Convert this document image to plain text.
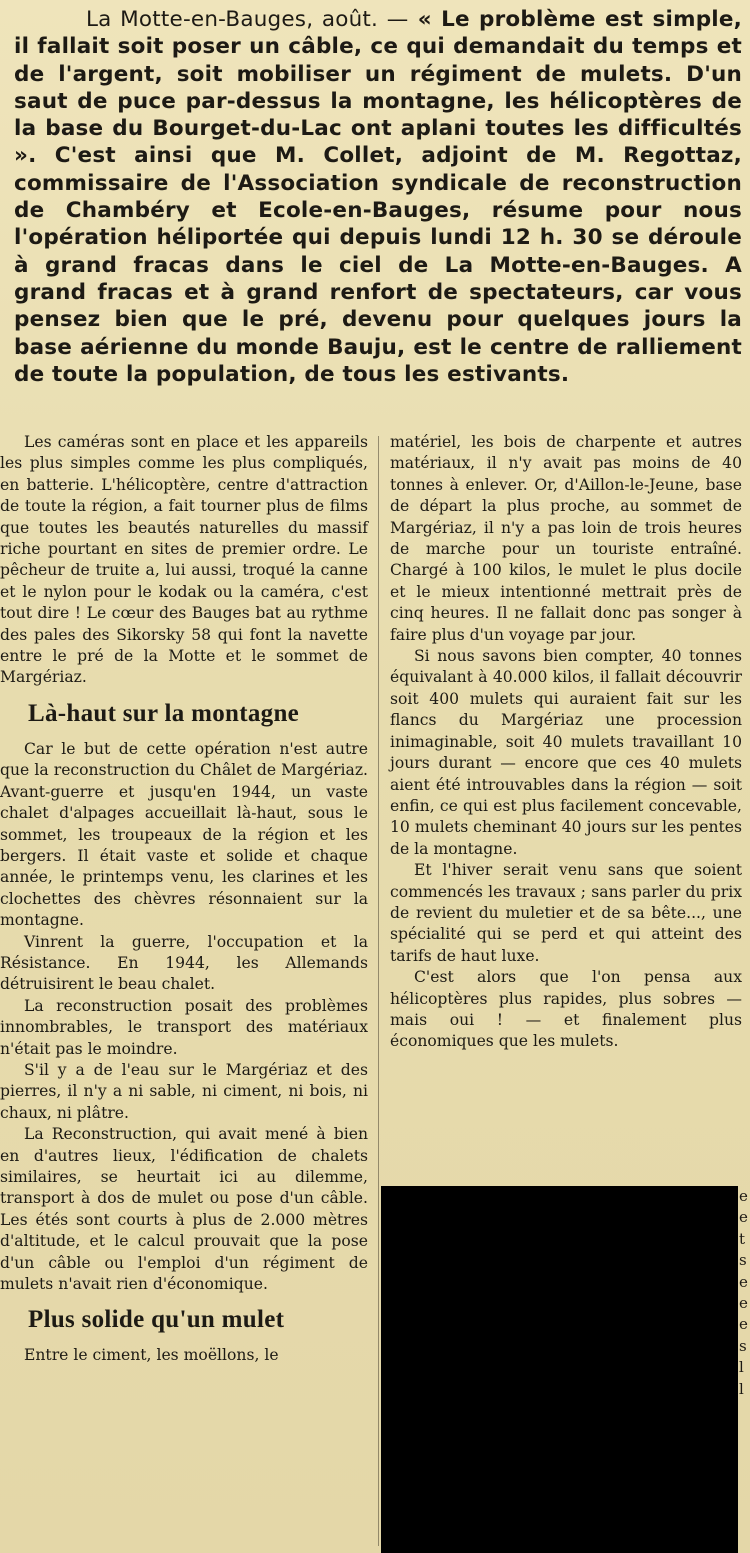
La Motte-en-Bauges, août. — « Le problème est simple, il fallait soit poser un câble, ce qui demandait du temps et de l'argent, soit mobiliser un régiment de mulets. D'un saut de puce par-dessus la montagne, les hélicoptères de la base du Bourget-du-Lac ont aplani toutes les difficultés ». C'est ainsi que M. Collet, adjoint de M. Regottaz, commissaire de l'Association syndicale de reconstruction de Chambéry et Ecole-en-Bauges, résume pour nous l'opération héliportée qui depuis lundi 12 h. 30 se déroule à grand fracas dans le ciel de La Motte-en-Bauges. A grand fracas et à grand renfort de spectateurs, car vous pensez bien que le pré, devenu pour quelques jours la base aérienne du monde Bauju, est le centre de ralliement de toute la population, de tous les estivants.

Les caméras sont en place et les appareils les plus simples comme les plus compliqués, en batterie. L'hélicoptère, centre d'attraction de toute la région, a fait tourner plus de films que toutes les beautés naturelles du massif riche pourtant en sites de premier ordre. Le pêcheur de truite a, lui aussi, troqué la canne et le nylon pour le kodak ou la caméra, c'est tout dire ! Le cœur des Bauges bat au rythme des pales des Sikorsky 58 qui font la navette entre le pré de la Motte et le sommet de Margériaz.

Là-haut sur la montagne

Car le but de cette opération n'est autre que la reconstruction du Châlet de Margériaz. Avant-guerre et jusqu'en 1944, un vaste chalet d'alpages accueillait là-haut, sous le sommet, les troupeaux de la région et les bergers. Il était vaste et solide et chaque année, le printemps venu, les clarines et les clochettes des chèvres résonnaient sur la montagne.

Vinrent la guerre, l'occupation et la Résistance. En 1944, les Allemands détruisirent le beau chalet.

La reconstruction posait des problèmes innombrables, le transport des matériaux n'était pas le moindre.

S'il y a de l'eau sur le Margériaz et des pierres, il n'y a ni sable, ni ciment, ni bois, ni chaux, ni plâtre.

La Reconstruction, qui avait mené à bien en d'autres lieux, l'édification de chalets similaires, se heurtait ici au dilemme, transport à dos de mulet ou pose d'un câble. Les étés sont courts à plus de 2.000 mètres d'altitude, et le calcul prouvait que la pose d'un câble ou l'emploi d'un régiment de mulets n'avait rien d'économique.

Plus solide qu'un mulet

Entre le ciment, les moëllons, le

matériel, les bois de charpente et autres matériaux, il n'y avait pas moins de 40 tonnes à enlever. Or, d'Aillon-le-Jeune, base de départ la plus proche, au sommet de Margériaz, il n'y a pas loin de trois heures de marche pour un touriste entraîné. Chargé à 100 kilos, le mulet le plus docile et le mieux intentionné mettrait près de cinq heures. Il ne fallait donc pas songer à faire plus d'un voyage par jour.

Si nous savons bien compter, 40 tonnes équivalant à 40.000 kilos, il fallait découvrir soit 400 mulets qui auraient fait sur les flancs du Margériaz une procession inimaginable, soit 40 mulets travaillant 10 jours durant — encore que ces 40 mulets aient été introuvables dans la région — soit enfin, ce qui est plus facilement concevable, 10 mulets cheminant 40 jours sur les pentes de la montagne.

Et l'hiver serait venu sans que soient commencés les travaux ; sans parler du prix de revient du muletier et de sa bête..., une spécialité qui se perd et qui atteint des tarifs de haut luxe.

C'est alors que l'on pensa aux hélicoptères plus rapides, plus sobres — mais oui ! — et finalement plus économiques que les mulets.

e
e
t
s
e
e
e
s
l
l
